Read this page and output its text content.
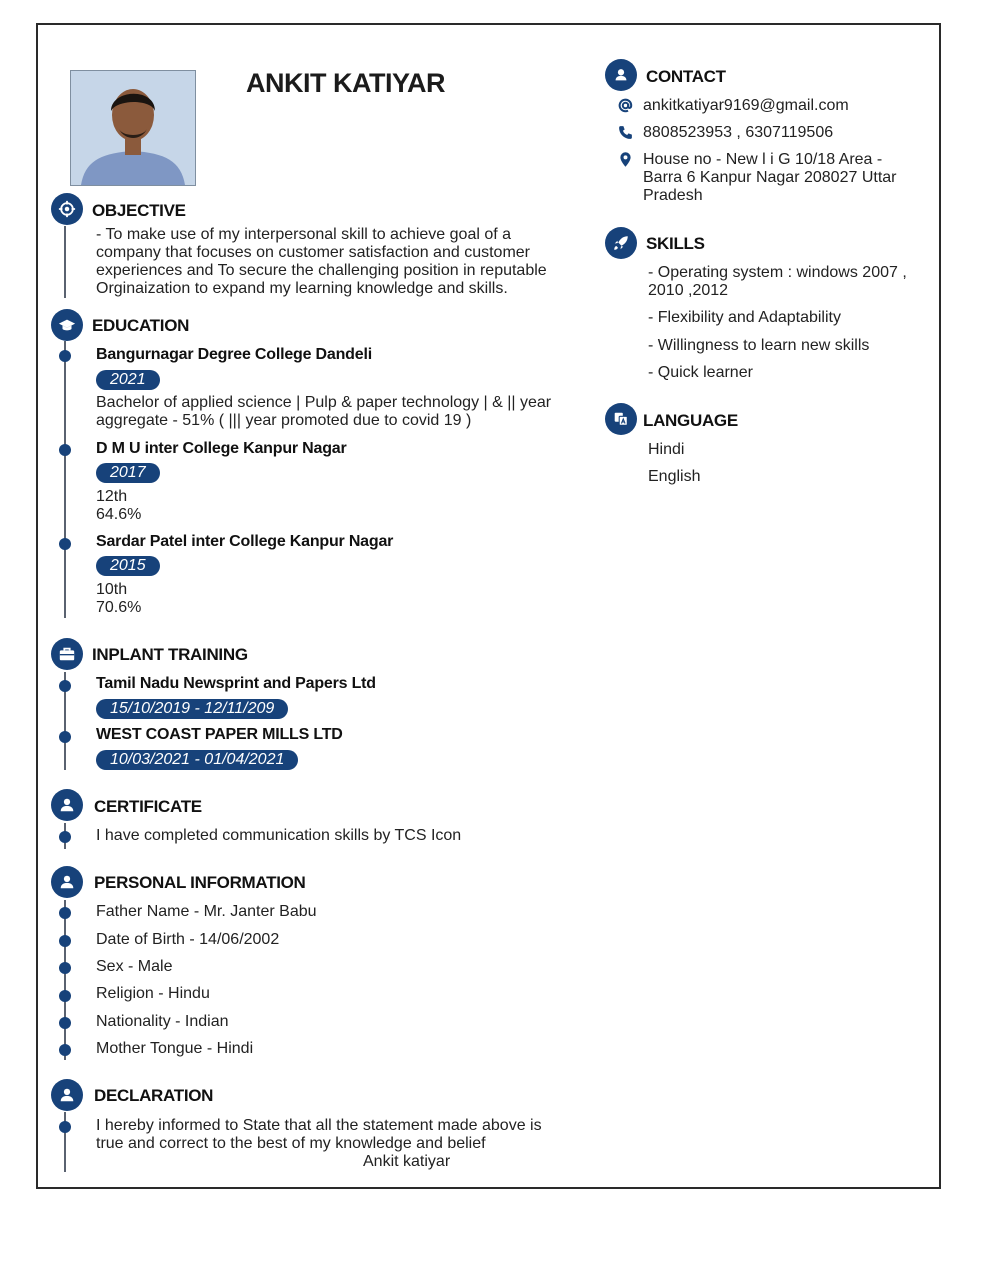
ANKIT KATIYAR
OBJECTIVE
- To make use of my interpersonal skill to achieve goal of a
company that focuses on customer satisfaction and customer
experiences and To secure the challenging position in reputable
Orginaization to expand my learning knowledge and skills.
EDUCATION
Bangurnagar Degree College Dandeli
2021
Bachelor of applied science | Pulp & paper technology | & || year
aggregate - 51% ( ||| year promoted due to covid 19 )
D M U inter College Kanpur Nagar
2017
12th
64.6%
Sardar Patel inter College Kanpur Nagar
2015
10th
70.6%
INPLANT TRAINING
Tamil Nadu Newsprint and Papers Ltd
15/10/2019 - 12/11/209
WEST COAST PAPER MILLS LTD
10/03/2021 - 01/04/2021
CERTIFICATE
I have completed communication skills by TCS Icon
PERSONAL INFORMATION
Father Name - Mr. Janter Babu
Date of Birth - 14/06/2002
Sex - Male
Religion - Hindu
Nationality - Indian
Mother Tongue - Hindi
DECLARATION
I hereby informed to State that all the statement made above is
true and correct to the best of my knowledge and belief
Ankit katiyar
CONTACT
ankitkatiyar9169@gmail.com
8808523953 , 6307119506
House no - New l i G 10/18 Area -
Barra 6 Kanpur Nagar 208027 Uttar
Pradesh
SKILLS
- Operating system : windows 2007 ,
2010 ,2012
- Flexibility and Adaptability
- Willingness to learn new skills
- Quick learner
LANGUAGE
Hindi
English
